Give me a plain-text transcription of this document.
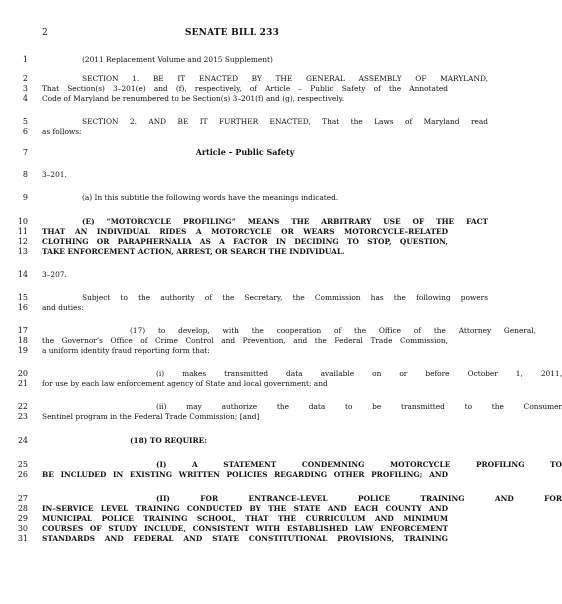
2	SENATE BILL 233
1	(2011 Replacement Volume and 2015 Supplement)
2	SECTION 1. BE IT ENACTED BY THE GENERAL ASSEMBLY OF MARYLAND,
3 That Section(s) 3–201(e) and (f), respectively, of Article – Public Safety of the Annotated
4 Code of Maryland be renumbered to be Section(s) 3–201(f) and (g), respectively.
5	SECTION 2. AND BE IT FURTHER ENACTED, That the Laws of Maryland read
6 as follows:
7	Article – Public Safety
8 3–201.
9	(a) In this subtitle the following words have the meanings indicated.
10	(E) “MOTORCYCLE PROFILING” MEANS THE ARBITRARY USE OF THE FACT
11 THAT AN INDIVIDUAL RIDES A MOTORCYCLE OR WEARS MOTORCYCLE–RELATED
12 CLOTHING OR PARAPHERNALIA AS A FACTOR IN DECIDING TO STOP, QUESTION,
13 TAKE ENFORCEMENT ACTION, ARREST, OR SEARCH THE INDIVIDUAL.
14 3–207.
15	Subject to the authority of the Secretary, the Commission has the following powers
16 and duties:
17	(17) to develop, with the cooperation of the Office of the Attorney General,
18 the Governor’s Office of Crime Control and Prevention, and the Federal Trade Commission,
19 a uniform identity fraud reporting form that:
20	(i) makes transmitted data available on or before October 1, 2011,
21 for use by each law enforcement agency of State and local government; and
22	(ii) may authorize the data to be transmitted to the Consumer
23 Sentinel program in the Federal Trade Commission; [and]
24	(18) TO REQUIRE:
25	(I) A STATEMENT CONDEMNING MOTORCYCLE PROFILING TO
26 BE INCLUDED IN EXISTING WRITTEN POLICIES REGARDING OTHER PROFILING; AND
27	(II) FOR ENTRANCE–LEVEL POLICE TRAINING AND FOR
28 IN–SERVICE LEVEL TRAINING CONDUCTED BY THE STATE AND EACH COUNTY AND
29 MUNICIPAL POLICE TRAINING SCHOOL, THAT THE CURRICULUM AND MINIMUM
30 COURSES OF STUDY INCLUDE, CONSISTENT WITH ESTABLISHED LAW ENFORCEMENT
31 STANDARDS AND FEDERAL AND STATE CONSTITUTIONAL PROVISIONS, TRAINING
